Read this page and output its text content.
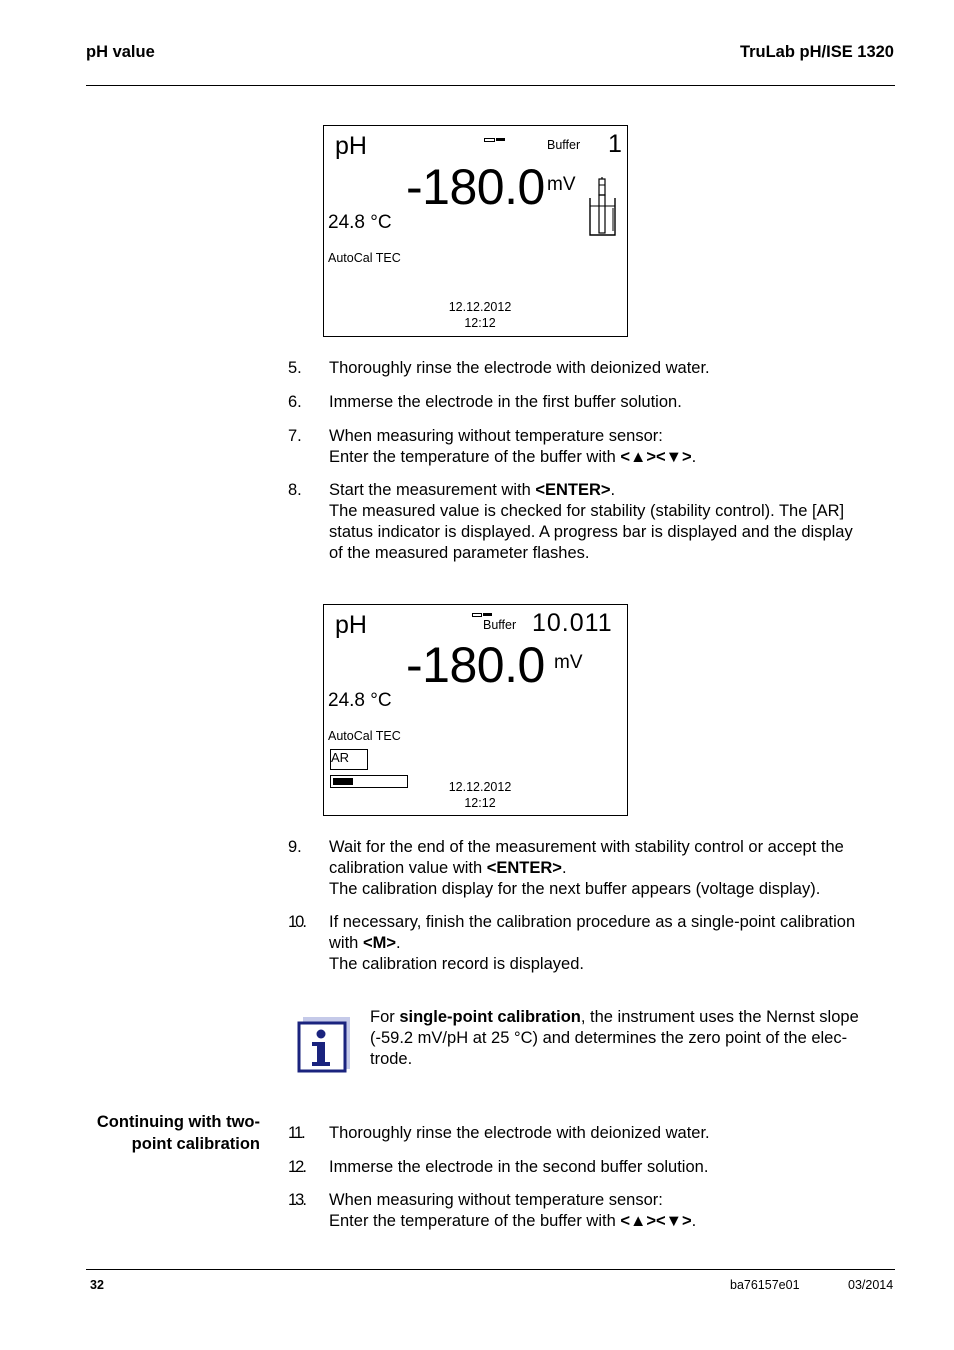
pH value	TruLab pH/ISE 1320
pH	Buffer 1
-180.0 mV
24.8 °C
AutoCal TEC
12.12.2012
12:12
5.	Thoroughly rinse the electrode with deionized water.
6.	Immerse the electrode in the first buffer solution.
7.	When measuring without temperature sensor:
Enter the temperature of the buffer with <▲><▼>.
8.	Start the measurement with <ENTER>.
The measured value is checked for stability (stability control). The [AR]
status indicator is displayed. A progress bar is displayed and the display
of the measured parameter flashes.
pH	Buffer 10.011
-180.0 mV
24.8 °C
AutoCal TEC
AR
12.12.2012
12:12
9.	Wait for the end of the measurement with stability control or accept the
calibration value with <ENTER>.
The calibration display for the next buffer appears (voltage display).
10.	If necessary, finish the calibration procedure as a single-point calibration
with <M>.
The calibration record is displayed.
For single-point calibration, the instrument uses the Nernst slope
(-59.2 mV/pH at 25 °C) and determines the zero point of the elec-
trode.
Continuing with two-
point calibration
11.	Thoroughly rinse the electrode with deionized water.
12.	Immerse the electrode in the second buffer solution.
13.	When measuring without temperature sensor:
Enter the temperature of the buffer with <▲><▼>.
32	ba76157e01	03/2014
